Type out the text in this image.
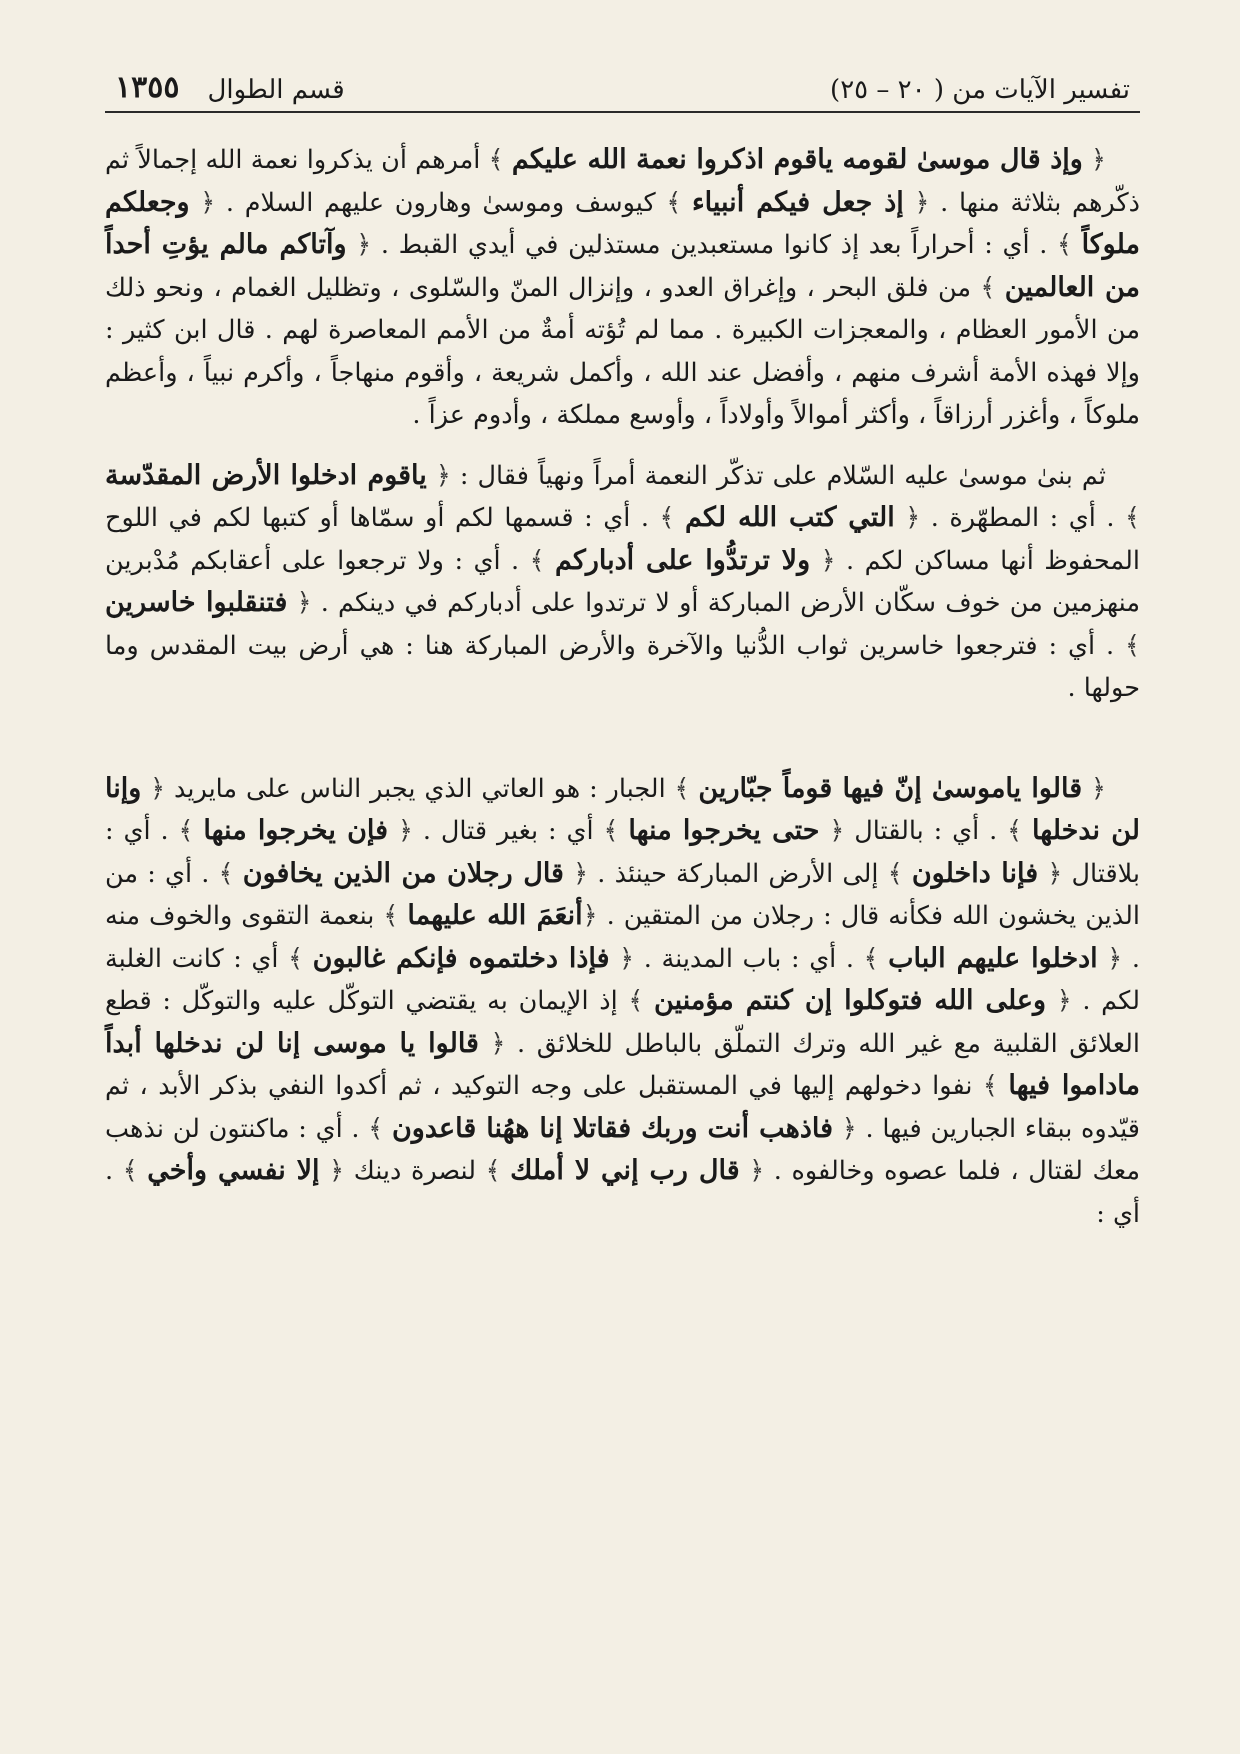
تفسير الآيات من ( ٢٠ – ٢٥)
قسم الطوال
١٣٥٥

﴿ وإذ قال موسىٰ لقومه ياقوم اذكروا نعمة الله عليكم ﴾ أمرهم أن يذكروا نعمة الله إجمالاً ثم ذكّرهم بثلاثة منها . ﴿ إذ جعل فيكم أنبياء ﴾ كيوسف وموسىٰ وهارون عليهم السلام . ﴿ وجعلكم ملوكاً ﴾ . أي : أحراراً بعد إذ كانوا مستعبدين مستذلين في أيدي القبط . ﴿ وآتاكم مالم يؤتِ أحداً من العالمين ﴾ من فلق البحر ، وإغراق العدو ، وإنزال المنّ والسّلوى ، وتظليل الغمام ، ونحو ذلك من الأمور العظام ، والمعجزات الكبيرة . مما لم تُؤته أمةٌ من الأمم المعاصرة لهم . قال ابن كثير : وإلا فهذه الأمة أشرف منهم ، وأفضل عند الله ، وأكمل شريعة ، وأقوم منهاجاً ، وأكرم نبياً ، وأعظم ملوكاً ، وأغزر أرزاقاً ، وأكثر أموالاً وأولاداً ، وأوسع مملكة ، وأدوم عزاً .

ثم بنىٰ موسىٰ عليه السّلام على تذكّر النعمة أمراً ونهياً فقال : ﴿ ياقوم ادخلوا الأرض المقدّسة ﴾ . أي : المطهّرة . ﴿ التي كتب الله لكم ﴾ . أي : قسمها لكم أو سمّاها أو كتبها لكم في اللوح المحفوظ أنها مساكن لكم . ﴿ ولا ترتدُّوا على أدباركم ﴾ . أي : ولا ترجعوا على أعقابكم مُدْبرين منهزمين من خوف سكّان الأرض المباركة أو لا ترتدوا على أدباركم في دينكم . ﴿ فتنقلبوا خاسرين ﴾ . أي : فترجعوا خاسرين ثواب الدُّنيا والآخرة والأرض المباركة هنا : هي أرض بيت المقدس وما حولها .

﴿ قالوا ياموسىٰ إنّ فيها قوماً جبّارين ﴾ الجبار : هو العاتي الذي يجبر الناس على مايريد ﴿ وإنا لن ندخلها ﴾ . أي : بالقتال ﴿ حتى يخرجوا منها ﴾ أي : بغير قتال . ﴿ فإن يخرجوا منها ﴾ . أي : بلاقتال ﴿ فإنا داخلون ﴾ إلى الأرض المباركة حينئذ . ﴿ قال رجلان من الذين يخافون ﴾ . أي : من الذين يخشون الله فكأنه قال : رجلان من المتقين . ﴿أنعَمَ الله عليهما ﴾ بنعمة التقوى والخوف منه . ﴿ ادخلوا عليهم الباب ﴾ . أي : باب المدينة . ﴿ فإذا دخلتموه فإنكم غالبون ﴾ أي : كانت الغلبة لكم . ﴿ وعلى الله فتوكلوا إن كنتم مؤمنين ﴾ إذ الإيمان به يقتضي التوكّل عليه والتوكّل : قطع العلائق القلبية مع غير الله وترك التملّق بالباطل للخلائق . ﴿ قالوا يا موسى إنا لن ندخلها أبداً ماداموا فيها ﴾ نفوا دخولهم إليها في المستقبل على وجه التوكيد ، ثم أكدوا النفي بذكر الأبد ، ثم قيّدوه ببقاء الجبارين فيها . ﴿ فاذهب أنت وربك فقاتلا إنا ههُنا قاعدون ﴾ . أي : ماكنتون لن نذهب معك لقتال ، فلما عصوه وخالفوه . ﴿ قال رب إني لا أملك ﴾ لنصرة دينك ﴿ إلا نفسي وأخي ﴾ . أي :
